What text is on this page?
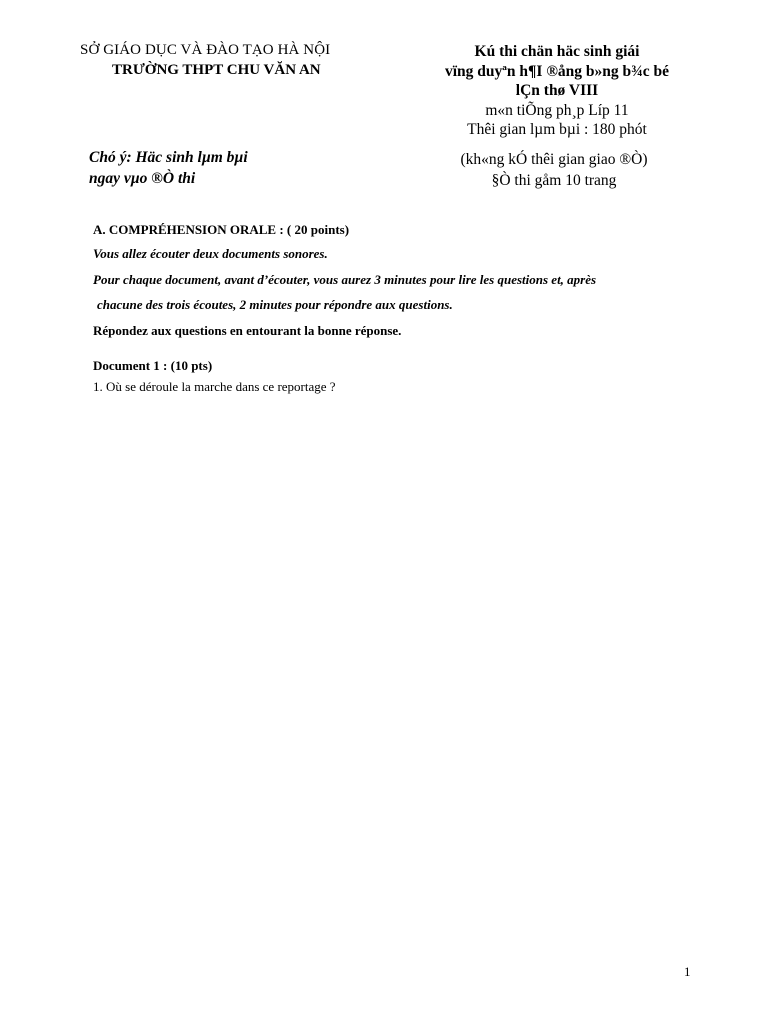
SỞ GIÁO DỤC VÀ ĐÀO TẠO HÀ NỘI
TRƯỜNG THPT CHU VĂN AN
Kú thi chän häc sinh giái
vïng duyªn h¶I ®ång b»ng b¾c bé
lÇn thø VIII
m«n tiÕng ph¸p Líp 11
Thêi gian lµm bµi : 180 phót
Chó ý: Häc sinh lµm bµi
ngay vµo ®Ò thi
(kh«ng kÓ thêi gian giao ®Ò)
§Ò thi gåm 10 trang
A. COMPRÉHENSION ORALE : ( 20 points)
Vous allez écouter deux documents sonores.
Pour chaque document, avant d’écouter, vous aurez 3 minutes pour lire les questions et, après
chacune des trois écoutes, 2 minutes pour répondre aux questions.
Répondez aux questions en entourant la bonne réponse.
Document 1 : (10 pts)
1. Où se déroule la marche dans ce reportage ?
1
